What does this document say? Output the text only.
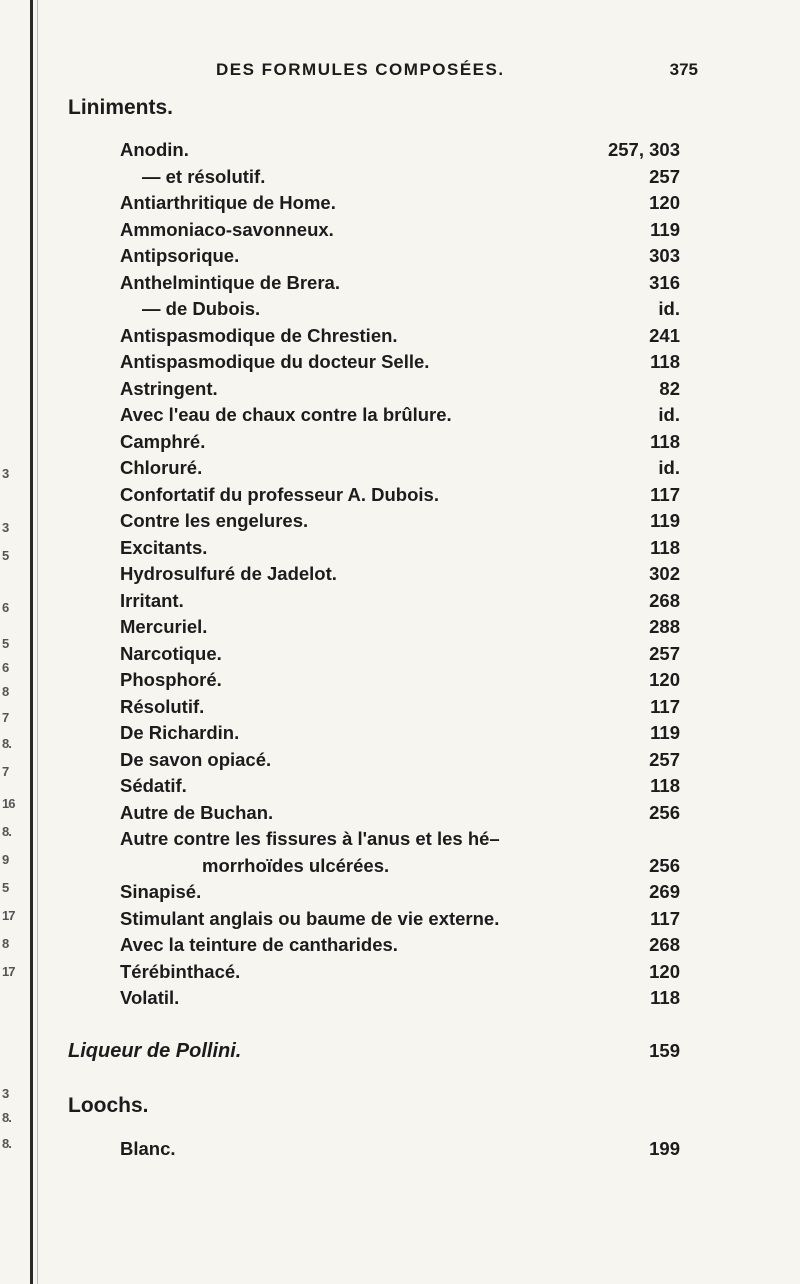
3
3
5
6
5
6
8
7
8.
7
16
8.
9
5
17
8
17
3
8.
8.
DES FORMULES COMPOSÉES.	375
Liniments.
Anodin.	257, 303
— et résolutif.	257
Antiarthritique de Home.	120
Ammoniaco-savonneux.	119
Antipsorique.	303
Anthelmintique de Brera.	316
— de Dubois.	id.
Antispasmodique de Chrestien.	241
Antispasmodique du docteur Selle.	118
Astringent.	82
Avec l'eau de chaux contre la brûlure.	id.
Camphré.	118
Chloruré.	id.
Confortatif du professeur A. Dubois.	117
Contre les engelures.	119
Excitants.	118
Hydrosulfuré de Jadelot.	302
Irritant.	268
Mercuriel.	288
Narcotique.	257
Phosphoré.	120
Résolutif.	117
De Richardin.	119
De savon opiacé.	257
Sédatif.	118
Autre de Buchan.	256
Autre contre les fissures à l'anus et les hé–
morrhoïdes ulcérées.	256
Sinapisé.	269
Stimulant anglais ou baume de vie externe.	117
Avec la teinture de cantharides.	268
Térébinthacé.	120
Volatil.	118
Liqueur de Pollini.	159
Loochs.
Blanc.	199
